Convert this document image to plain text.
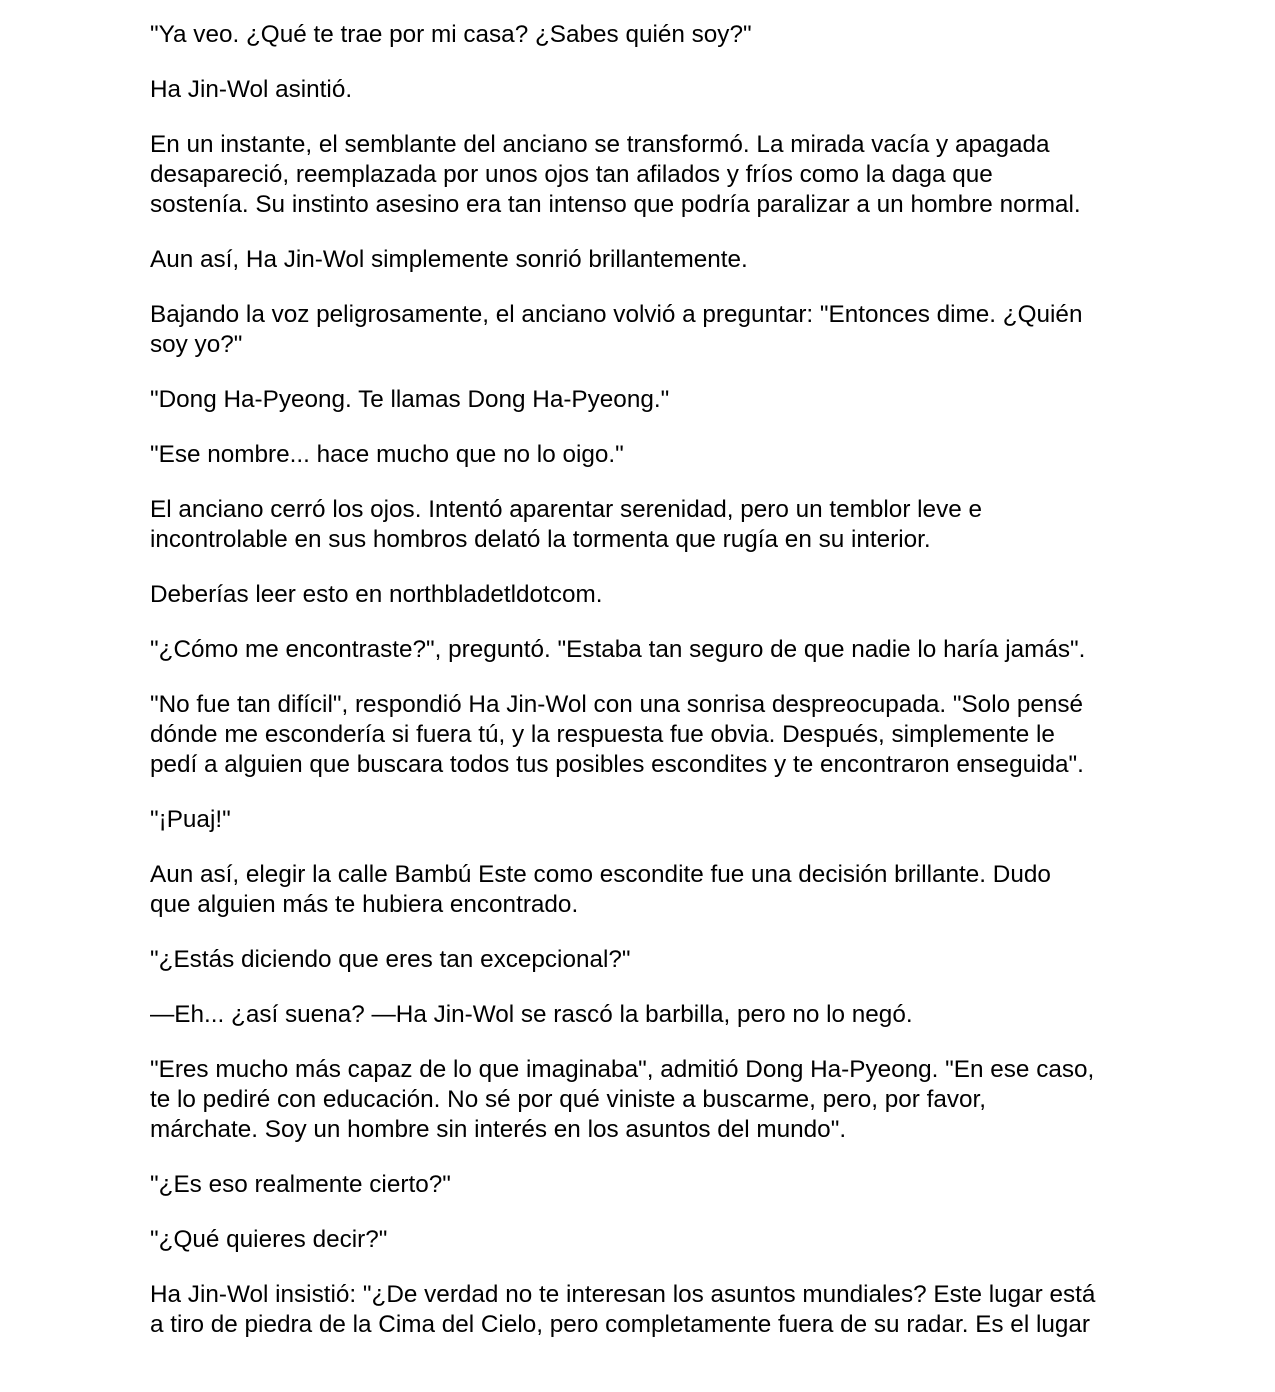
"Ya veo. ¿Qué te trae por mi casa? ¿Sabes quién soy?"

Ha Jin-Wol asintió.

En un instante, el semblante del anciano se transformó. La mirada vacía y apagada
desapareció, reemplazada por unos ojos tan afilados y fríos como la daga que
sostenía. Su instinto asesino era tan intenso que podría paralizar a un hombre normal.

Aun así, Ha Jin-Wol simplemente sonrió brillantemente.

Bajando la voz peligrosamente, el anciano volvió a preguntar: "Entonces dime. ¿Quién
soy yo?"

"Dong Ha-Pyeong. Te llamas Dong Ha-Pyeong."

"Ese nombre... hace mucho que no lo oigo."

El anciano cerró los ojos. Intentó aparentar serenidad, pero un temblor leve e
incontrolable en sus hombros delató la tormenta que rugía en su interior.

Deberías leer esto en northbladetldotcom.

"¿Cómo me encontraste?", preguntó. "Estaba tan seguro de que nadie lo haría jamás".

"No fue tan difícil", respondió Ha Jin-Wol con una sonrisa despreocupada. "Solo pensé
dónde me escondería si fuera tú, y la respuesta fue obvia. Después, simplemente le
pedí a alguien que buscara todos tus posibles escondites y te encontraron enseguida".

"¡Puaj!"

Aun así, elegir la calle Bambú Este como escondite fue una decisión brillante. Dudo
que alguien más te hubiera encontrado.

"¿Estás diciendo que eres tan excepcional?"

—Eh... ¿así suena? —Ha Jin-Wol se rascó la barbilla, pero no lo negó.

"Eres mucho más capaz de lo que imaginaba", admitió Dong Ha-Pyeong. "En ese caso,
te lo pediré con educación. No sé por qué viniste a buscarme, pero, por favor,
márchate. Soy un hombre sin interés en los asuntos del mundo".

"¿Es eso realmente cierto?"

"¿Qué quieres decir?"

Ha Jin-Wol insistió: "¿De verdad no te interesan los asuntos mundiales? Este lugar está
a tiro de piedra de la Cima del Cielo, pero completamente fuera de su radar. Es el lugar
